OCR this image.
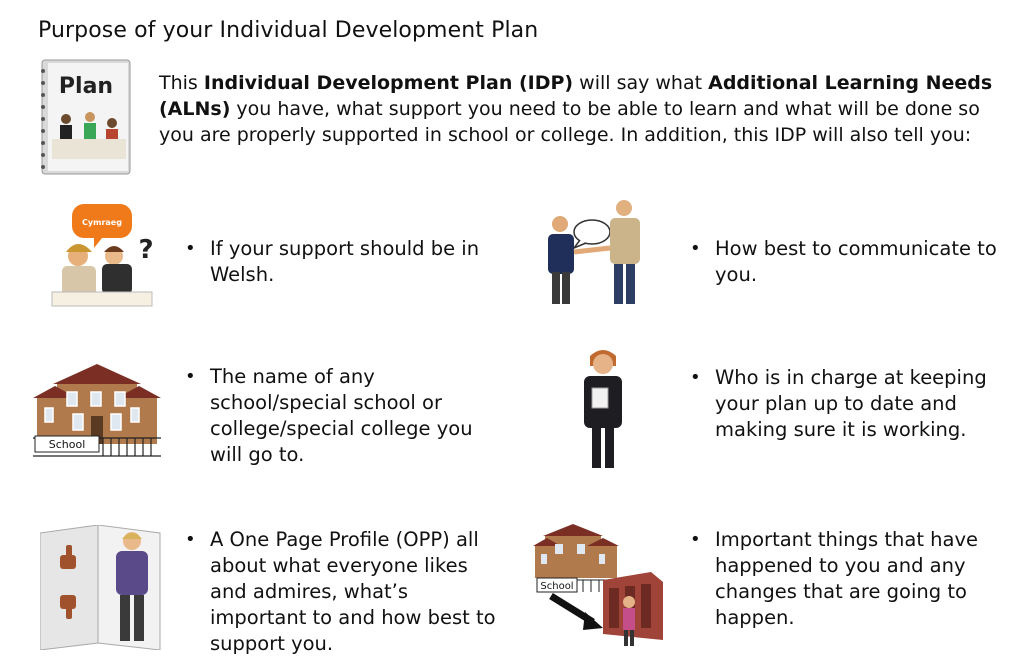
Purpose of your Individual Development Plan
Plan This Individual Development Plan (IDP) will say what Additional Learning Needs (ALNs) you have, what support you need to be able to learn and what will be done so you are properly supported in school or college. In addition, this IDP will also tell you:
Cymraeg
?
School
School
• If your support should be in Welsh.
• How best to communicate to you.
• The name of any school/special school or college/special college you will go to.
• Who is in charge at keeping your plan up to date and making sure it is working.
• A One Page Profile (OPP) all about what everyone likes and admires, what’s important to and how best to support you.
• Important things that have happened to you and any changes that are going to happen.
